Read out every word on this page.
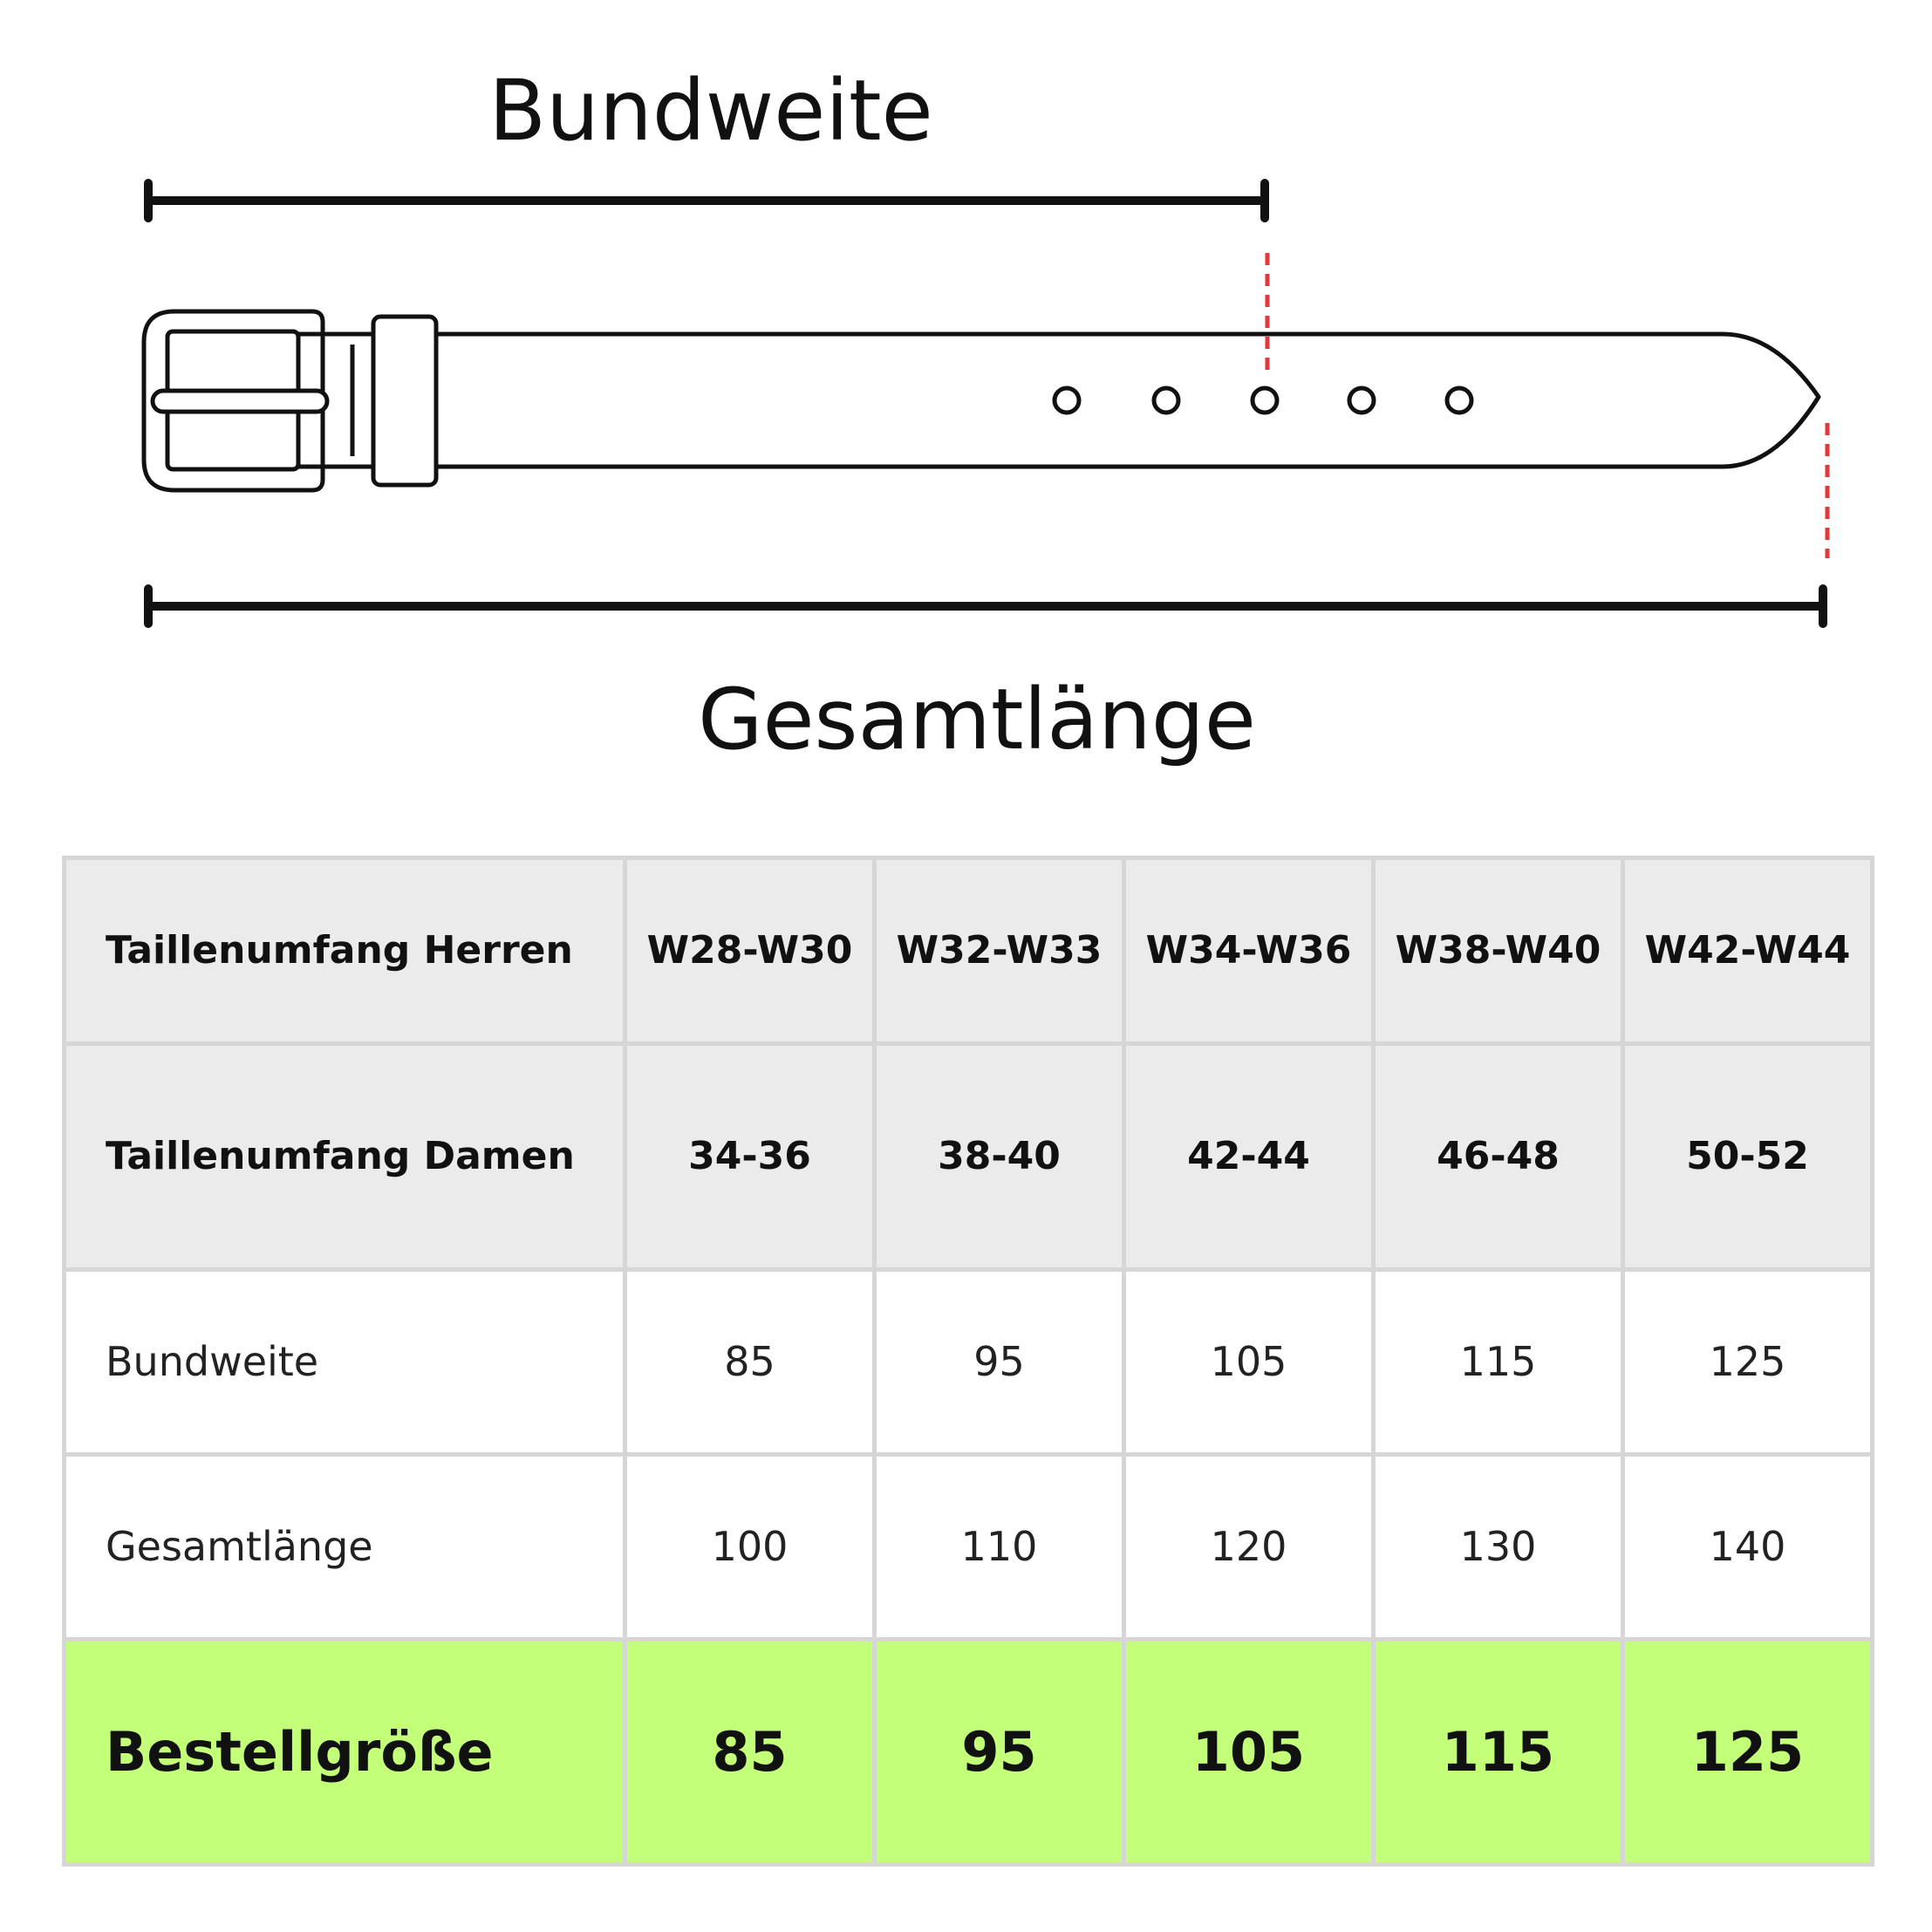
Bundweite
Gesamtlänge
Taillenumfang Herren	W28-W30	W32-W33	W34-W36	W38-W40	W42-W44
Taillenumfang Damen	34-36	38-40	42-44	46-48	50-52
Bundweite	85	95	105	115	125
Gesamtlänge	100	110	120	130	140
Bestellgröße	85	95	105	115	125
